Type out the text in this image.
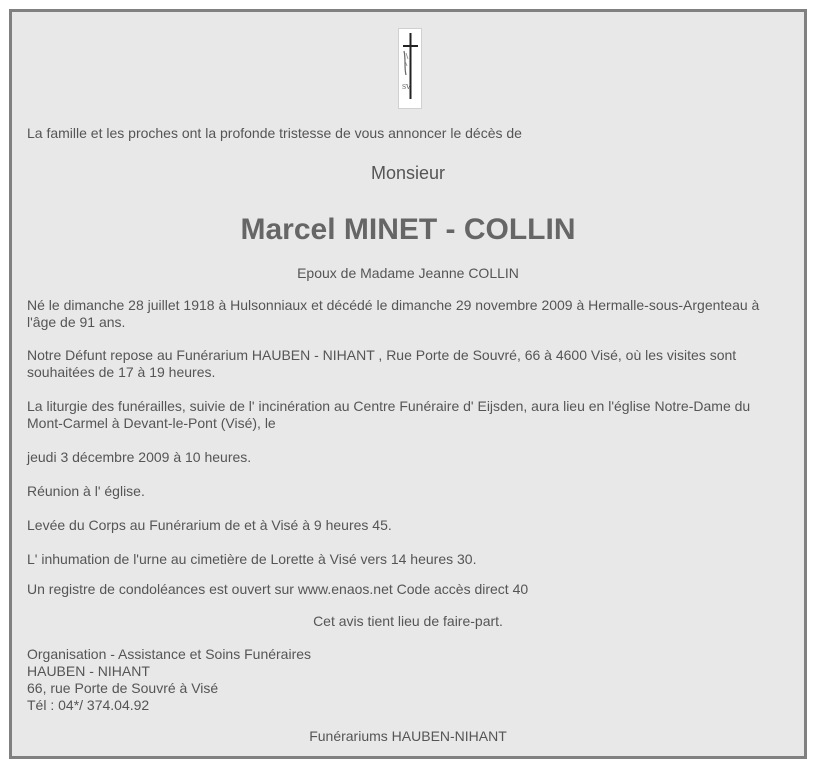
SV

La famille et les proches ont la profonde tristesse de vous annoncer le décès de

Monsieur

Marcel MINET - COLLIN

Epoux de Madame Jeanne COLLIN

Né le dimanche 28 juillet 1918 à Hulsonniaux et décédé le dimanche 29 novembre 2009 à Hermalle-sous-Argenteau à l'âge de 91 ans.

Notre Défunt repose au Funérarium HAUBEN - NIHANT , Rue Porte de Souvré, 66 à 4600 Visé, où les visites sont souhaitées de 17 à 19 heures.

La liturgie des funérailles, suivie de l' incinération au Centre Funéraire d' Eijsden, aura lieu en l'église Notre-Dame du Mont-Carmel à Devant-le-Pont (Visé), le

jeudi 3 décembre 2009 à 10 heures.

Réunion à l' église.

Levée du Corps au Funérarium de et à Visé à 9 heures 45.

L' inhumation de l'urne au cimetière de Lorette à Visé vers 14 heures 30.

Un registre de condoléances est ouvert sur www.enaos.net Code accès direct 40

Cet avis tient lieu de faire-part.

Organisation - Assistance et Soins Funéraires

HAUBEN - NIHANT

66, rue Porte de Souvré à Visé

Tél : 04*/ 374.04.92

Funérariums HAUBEN-NIHANT
